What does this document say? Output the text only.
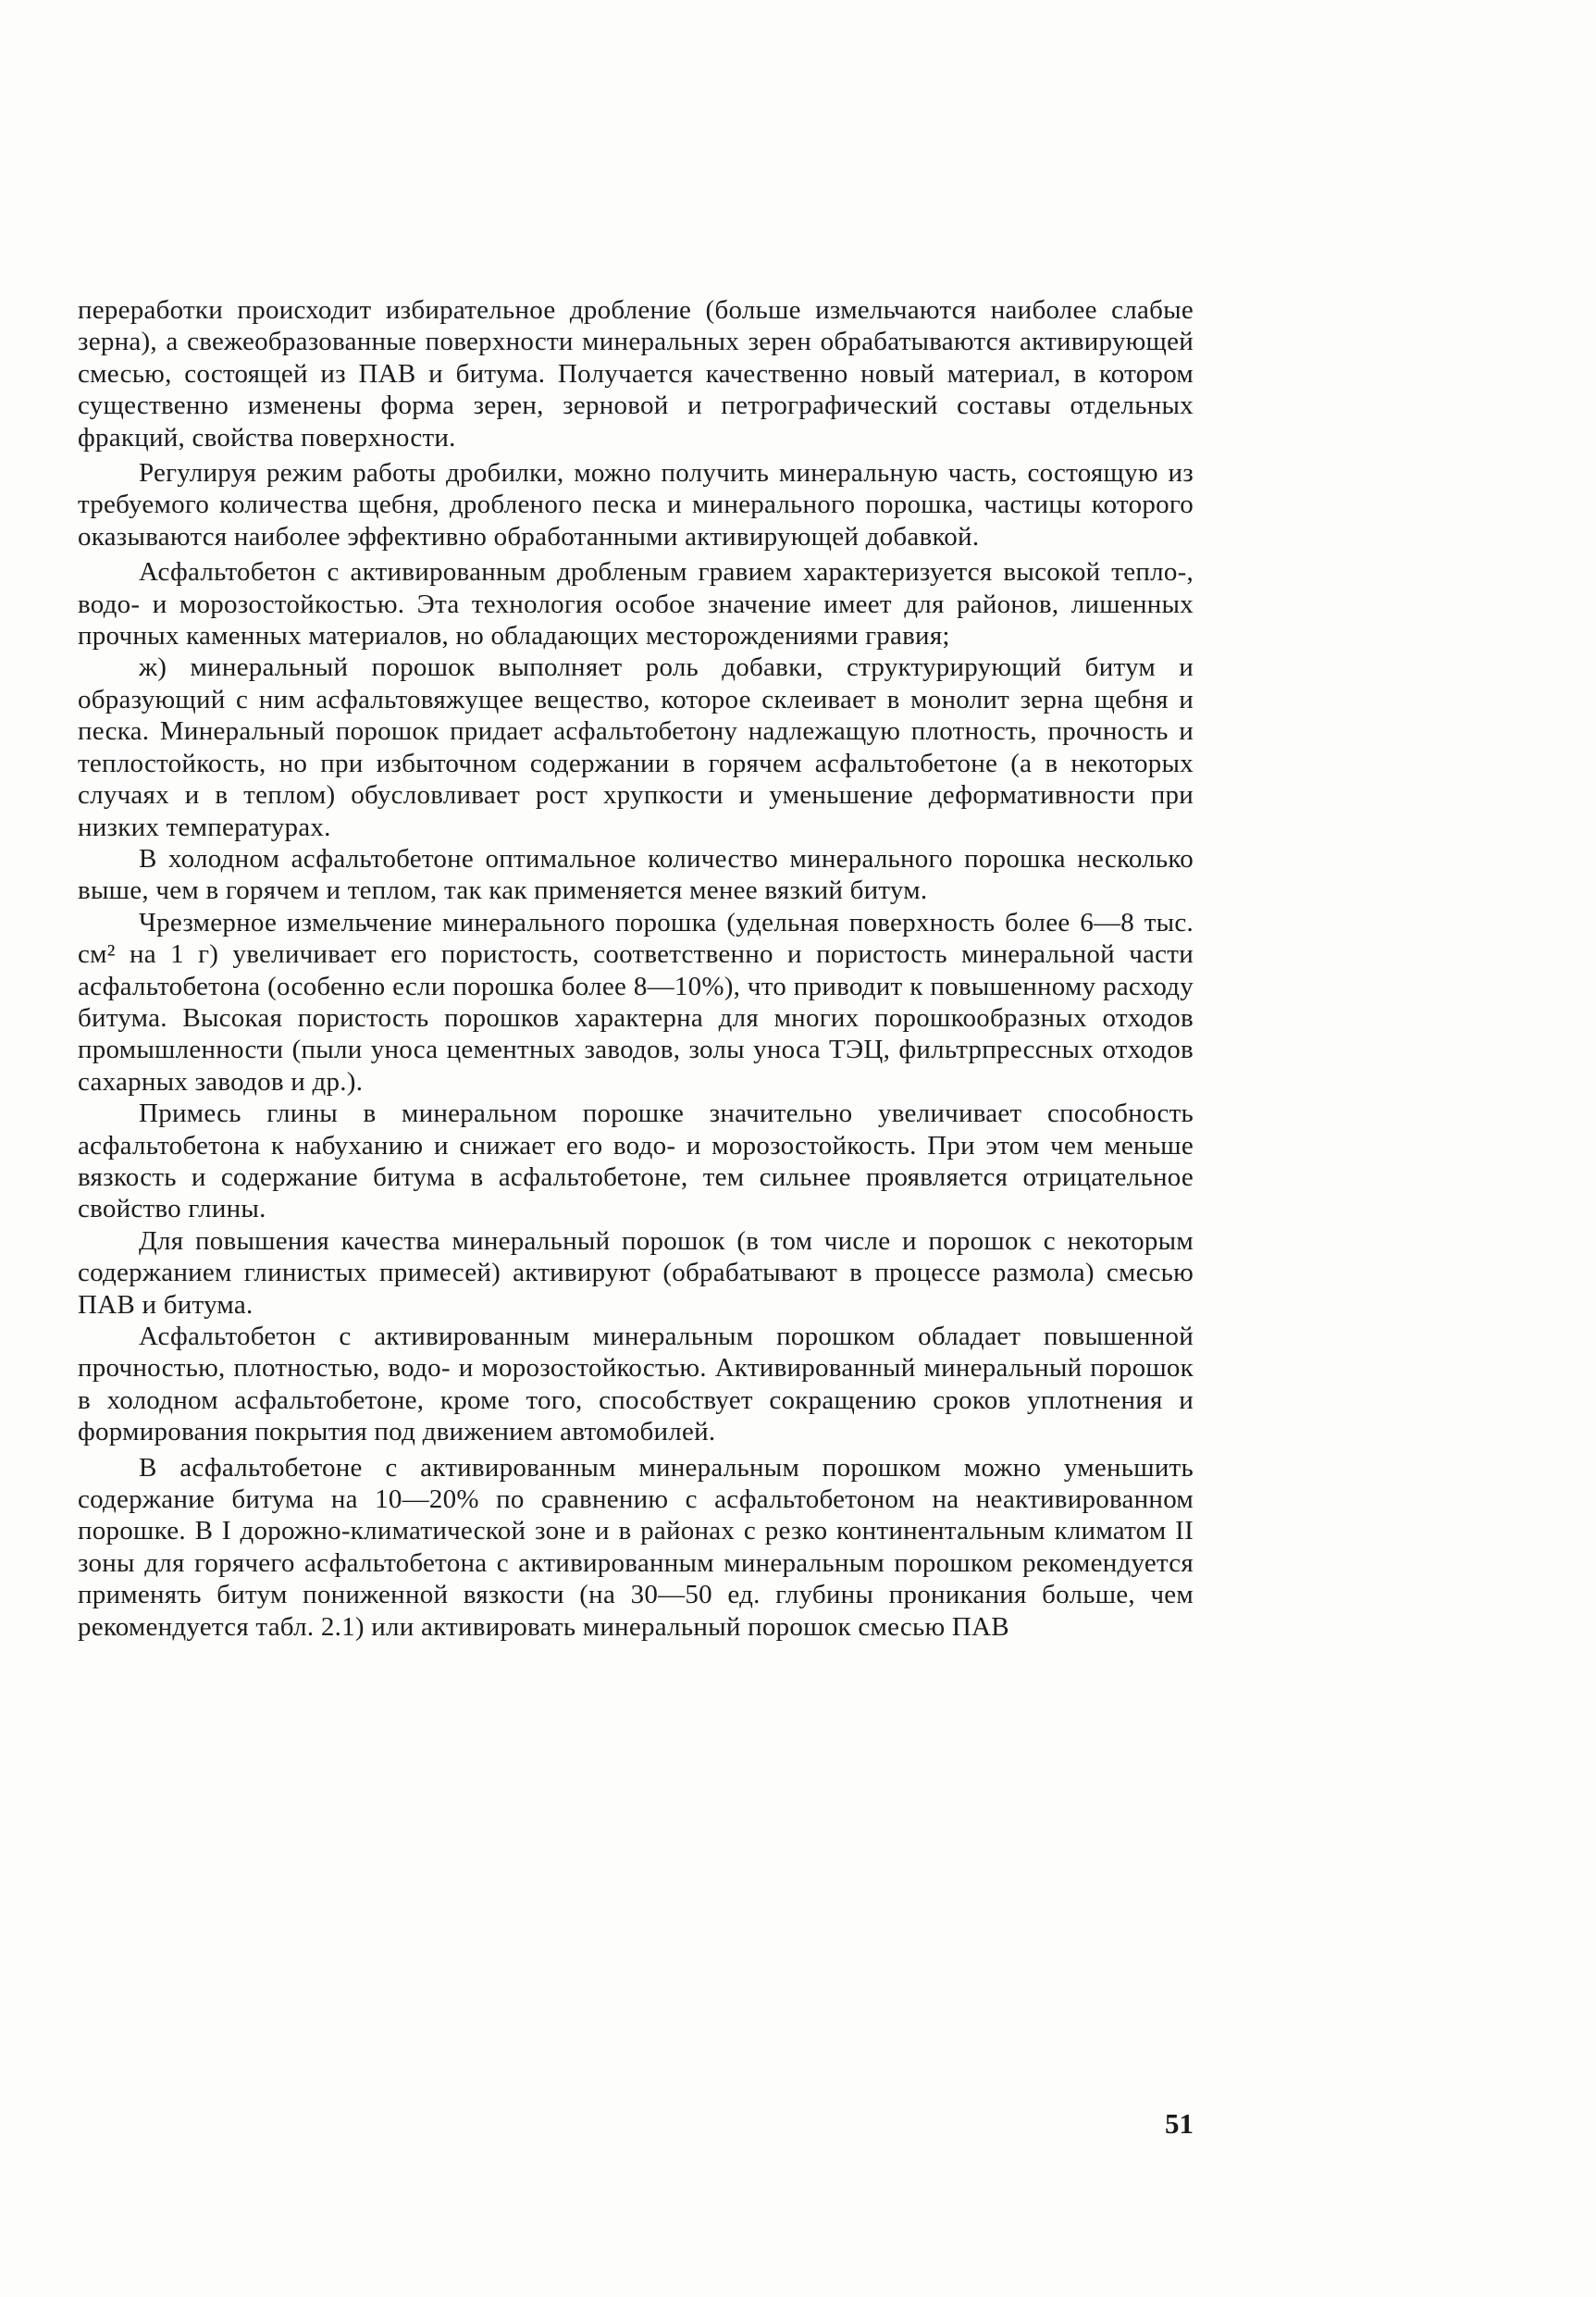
переработки происходит избирательное дробление (больше измельчаются наиболее слабые зерна), а свежеобразованные поверхности минеральных зерен обрабатываются активирующей смесью, состоящей из ПАВ и битума. Получается качественно новый материал, в котором существенно изменены форма зерен, зерновой и петрографический составы отдельных фракций, свойства поверхности.

Регулируя режим работы дробилки, можно получить минеральную часть, состоящую из требуемого количества щебня, дробленого песка и минерального порошка, частицы которого оказываются наиболее эффективно обработанными активирующей добавкой.

Асфальтобетон с активированным дробленым гравием характеризуется высокой тепло-, водо- и морозостойкостью. Эта технология особое значение имеет для районов, лишенных прочных каменных материалов, но обладающих месторождениями гравия;

ж) минеральный порошок выполняет роль добавки, структурирующий битум и образующий с ним асфальтовяжущее вещество, которое склеивает в монолит зерна щебня и песка. Минеральный порошок придает асфальтобетону надлежащую плотность, прочность и теплостойкость, но при избыточном содержании в горячем асфальтобетоне (а в некоторых случаях и в теплом) обусловливает рост хрупкости и уменьшение деформативности при низких температурах.

В холодном асфальтобетоне оптимальное количество минерального порошка несколько выше, чем в горячем и теплом, так как применяется менее вязкий битум.

Чрезмерное измельчение минерального порошка (удельная поверхность более 6—8 тыс. см² на 1 г) увеличивает его пористость, соответственно и пористость минеральной части асфальтобетона (особенно если порошка более 8—10%), что приводит к повышенному расходу битума. Высокая пористость порошков характерна для многих порошкообразных отходов промышленности (пыли уноса цементных заводов, золы уноса ТЭЦ, фильтрпрессных отходов сахарных заводов и др.).

Примесь глины в минеральном порошке значительно увеличивает способность асфальтобетона к набуханию и снижает его водо- и морозостойкость. При этом чем меньше вязкость и содержание битума в асфальтобетоне, тем сильнее проявляется отрицательное свойство глины.

Для повышения качества минеральный порошок (в том числе и порошок с некоторым содержанием глинистых примесей) активируют (обрабатывают в процессе размола) смесью ПАВ и битума.

Асфальтобетон с активированным минеральным порошком обладает повышенной прочностью, плотностью, водо- и морозостойкостью. Активированный минеральный порошок в холодном асфальтобетоне, кроме того, способствует сокращению сроков уплотнения и формирования покрытия под движением автомобилей.

В асфальтобетоне с активированным минеральным порошком можно уменьшить содержание битума на 10—20% по сравнению с асфальтобетоном на неактивированном порошке. В I дорожно-климатической зоне и в районах с резко континентальным климатом II зоны для горячего асфальтобетона с активированным минеральным порошком рекомендуется применять битум пониженной вязкости (на 30—50 ед. глубины проникания больше, чем рекомендуется табл. 2.1) или активировать минеральный порошок смесью ПАВ

51
